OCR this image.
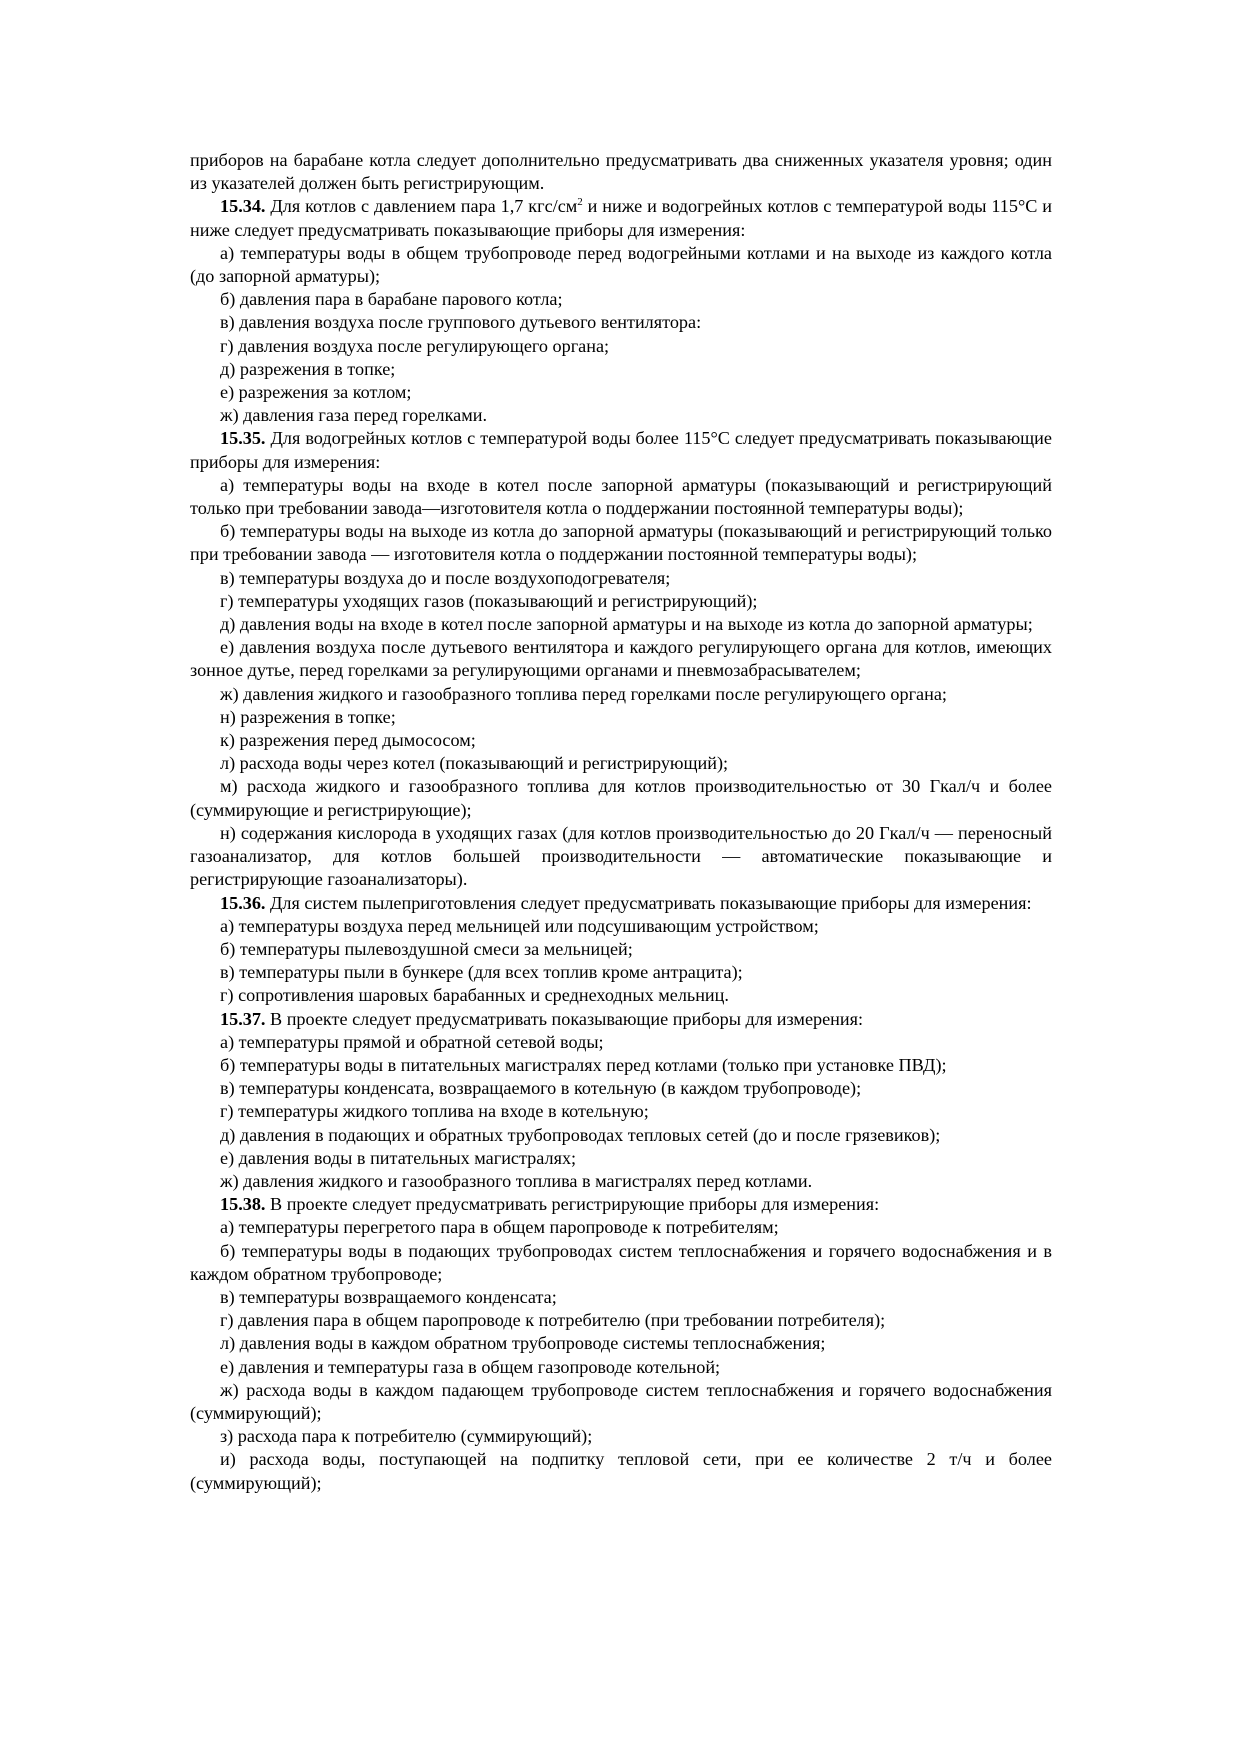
приборов на барабане котла следует дополнительно предусматривать два сниженных указателя уровня; один из указателей должен быть регистрирующим.

15.34. Для котлов с давлением пара 1,7 кгс/$см^2$ и ниже и водогрейных котлов с температурой воды 115°С и ниже следует предусматривать показывающие приборы для измерения:

а) температуры воды в общем трубопроводе перед водогрейными котлами и на выходе из каждого котла (до запорной арматуры);

б) давления пара в барабане парового котла;

в) давления воздуха после группового дутьевого вентилятора:

г) давления воздуха после регулирующего органа;

д) разрежения в топке;

е) разрежения за котлом;

ж) давления газа перед горелками.

15.35. Для водогрейных котлов с температурой воды более 115°С следует предусматривать показывающие приборы для измерения:

а) температуры воды на входе в котел после запорной арматуры (показывающий и регистрирующий только при требовании завода—изготовителя котла о поддержании постоянной температуры воды);

б) температуры воды на выходе из котла до запорной арматуры (показывающий и регистрирующий только при требовании завода — изготовителя котла о поддержании постоянной температуры воды);

в) температуры воздуха до и после воздухоподогревателя;

г) температуры уходящих газов (показывающий и регистрирующий);

д) давления воды на входе в котел после запорной арматуры и на выходе из котла до запорной арматуры;

е) давления воздуха после дутьевого вентилятора и каждого регулирующего органа для котлов, имеющих зонное дутье, перед горелками за регулирующими органами и пневмозабрасывателем;

ж) давления жидкого и газообразного топлива перед горелками после регулирующего органа;

н) разрежения в топке;

к) разрежения перед дымососом;

л) расхода воды через котел (показывающий и регистрирующий);

м) расхода жидкого и газообразного топлива для котлов производительностью от 30 Гкал/ч и более (суммирующие и регистрирующие);

н) содержания кислорода в уходящих газах (для котлов производительностью до 20 Гкал/ч — переносный газоанализатор, для котлов большей производительности — автоматические показывающие и регистрирующие газоанализаторы).

15.36. Для систем пылеприготовления следует предусматривать показывающие приборы для измерения:

а) температуры воздуха перед мельницей или подсушивающим устройством;

б) температуры пылевоздушной смеси за мельницей;

в) температуры пыли в бункере (для всех топлив кроме антрацита);

г) сопротивления шаровых барабанных и среднеходных мельниц.

15.37. В проекте следует предусматривать показывающие приборы для измерения:

а) температуры прямой и обратной сетевой воды;

б) температуры воды в питательных магистралях перед котлами (только при установке ПВД);

в) температуры конденсата, возвращаемого в котельную (в каждом трубопроводе);

г) температуры жидкого топлива на входе в котельную;

д) давления в подающих и обратных трубопроводах тепловых сетей (до и после грязевиков);

е) давления воды в питательных магистралях;

ж) давления жидкого и газообразного топлива в магистралях перед котлами.

15.38. В проекте следует предусматривать регистрирующие приборы для измерения:

а) температуры перегретого пара в общем паропроводе к потребителям;

б) температуры воды в подающих трубопроводах систем теплоснабжения и горячего водоснабжения и в каждом обратном трубопроводе;

в) температуры возвращаемого конденсата;

г) давления пара в общем паропроводе к потребителю (при требовании потребителя);

л) давления воды в каждом обратном трубопроводе системы теплоснабжения;

е) давления и температуры газа в общем газопроводе котельной;

ж) расхода воды в каждом падающем трубопроводе систем теплоснабжения и горячего водоснабжения (суммирующий);

з) расхода пара к потребителю (суммирующий);

и) расхода воды, поступающей на подпитку тепловой сети, при ее количестве 2 т/ч и более (суммирующий);
